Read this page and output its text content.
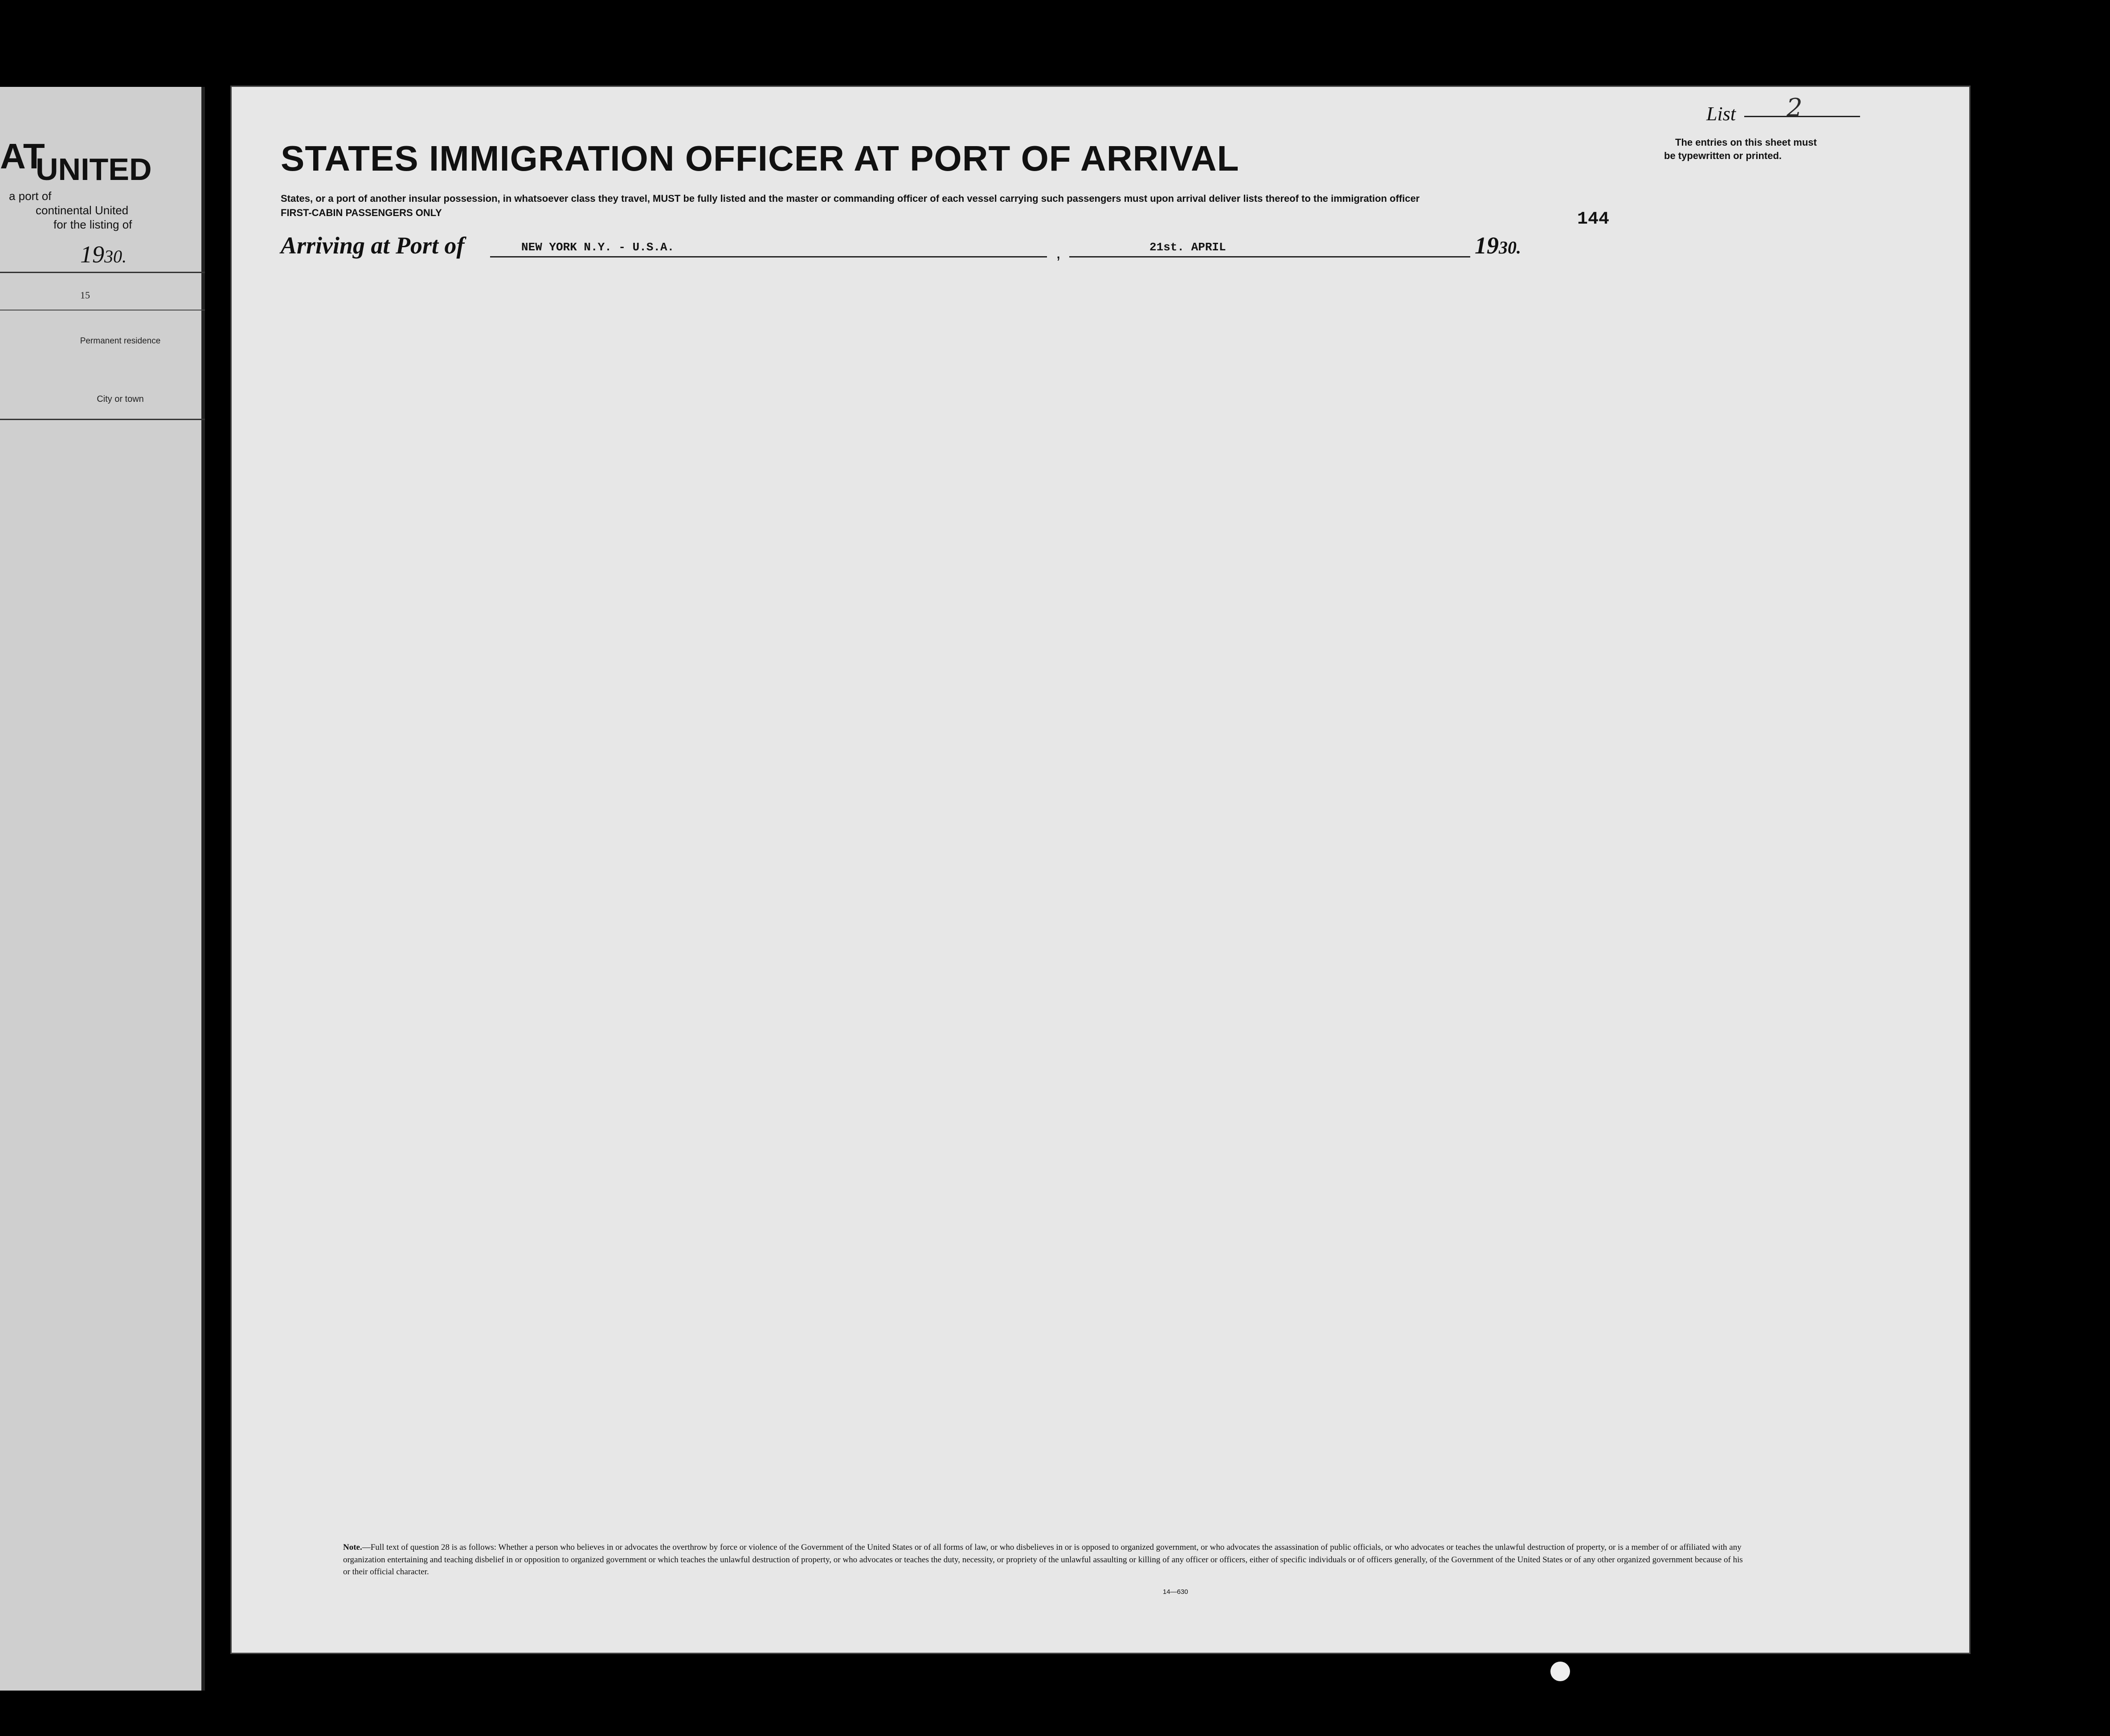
AT
UNITED
a port of
continental United
for the listing of
1930.
15
Permanent residence
City or town
List 2
The entries on this sheet must
be typewritten or printed.
STATES IMMIGRATION OFFICER AT PORT OF ARRIVAL
States, or a port of another insular possession, in whatsoever class they travel, MUST be fully listed and the master or commanding officer of each vessel carrying such passengers must upon arrival deliver lists thereof to the immigration officer
FIRST-CABIN PASSENGERS ONLY	144
Arriving at Port of	NEW YORK N.Y. - U.S.A.	,	21st. APRIL	1930.
Note.—Full text of question 28 is as follows: Whether a person who believes in or advocates the overthrow by force or violence of the Government of the United States or of all forms of law, or who disbelieves in or is opposed to organized government, or who advocates the assassination of public officials, or who advocates or teaches the unlawful destruction of property, or is a member of or affiliated with any organization entertaining and teaching disbelief in or opposition to organized government or which teaches the unlawful destruction of property, or who advocates or teaches the duty, necessity, or propriety of the unlawful assaulting or killing of any officer or officers, either of specific individuals or of officers generally, of the Government of the United States or of any other organized government because of his or their official character.
14—630
